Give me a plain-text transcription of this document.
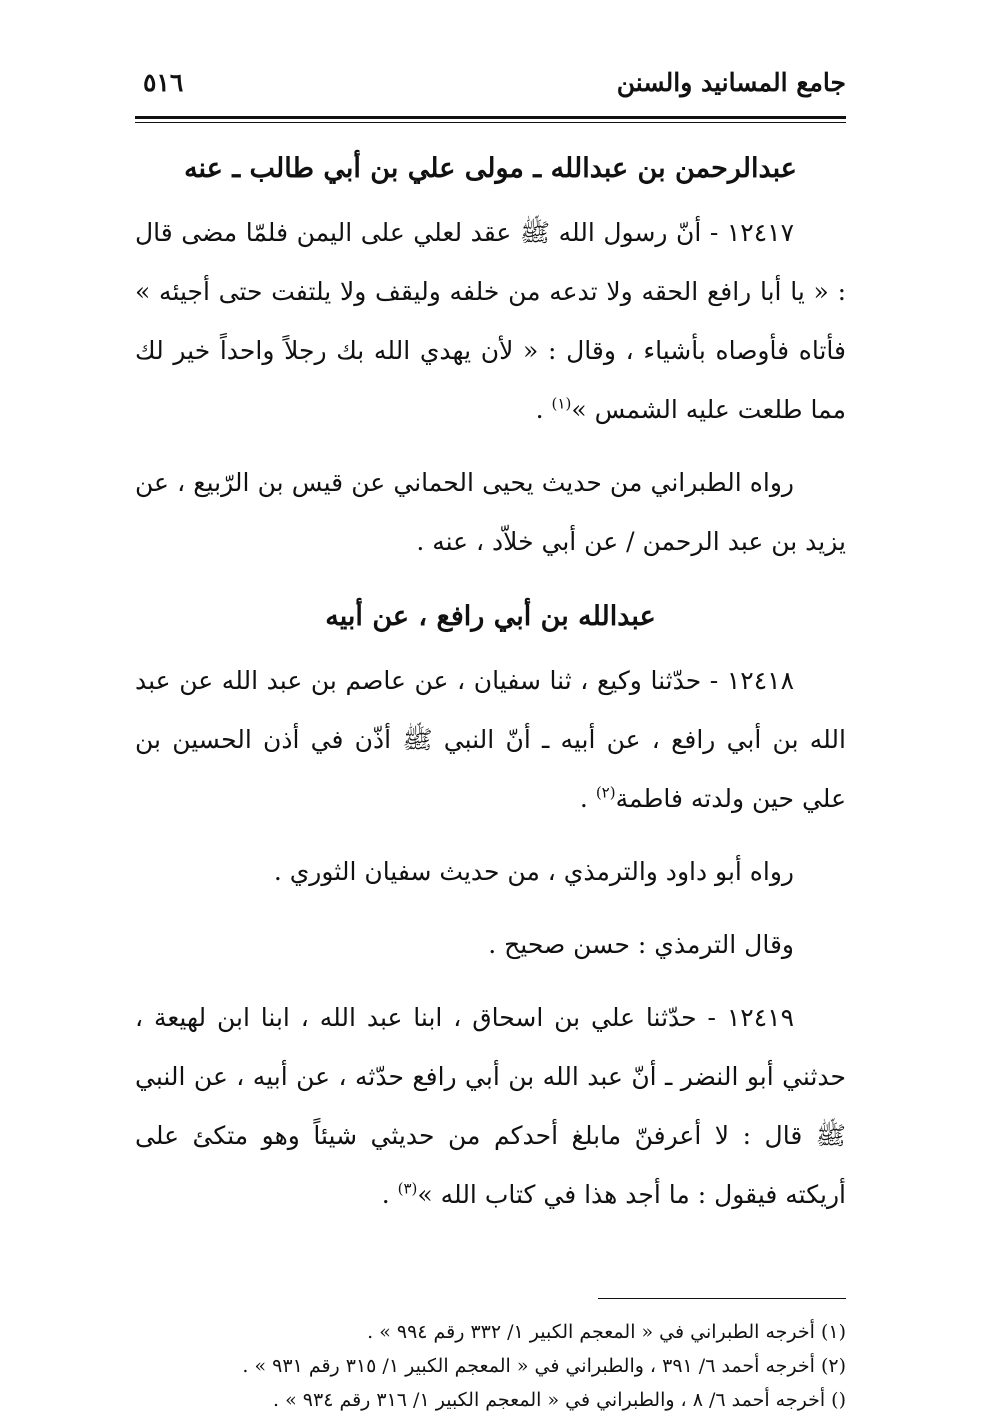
٥١٦	جامع المسانيد والسنن
عبدالرحمن بن عبدالله ـ مولى علي بن أبي طالب ـ عنه

١٢٤١٧ - أنّ رسول الله ﷺ عقد لعلي على اليمن فلمّا مضى قال : « يا أبا رافع الحقه ولا تدعه من خلفه وليقف ولا يلتفت حتى أجيئه » فأتاه فأوصاه بأشياء ، وقال : « لأن يهدي الله بك رجلاً واحداً خير لك مما طلعت عليه الشمس »$^{(١)}$ .

رواه الطبراني من حديث يحيى الحماني عن قيس بن الرّبيع ، عن يزيد بن عبد الرحمن / عن أبي خلاّد ، عنه .

عبدالله بن أبي رافع ، عن أبيه

١٢٤١٨ - حدّثنا وكيع ، ثنا سفيان ، عن عاصم بن عبد الله عن عبد الله بن أبي رافع ، عن أبيه ـ أنّ النبي ﷺ أذّن في أذن الحسين بن علي حين ولدته فاطمة$^{(٢)}$ .

رواه أبو داود والترمذي ، من حديث سفيان الثوري .

وقال الترمذي : حسن صحيح .

١٢٤١٩ - حدّثنا علي بن اسحاق ، ابنا عبد الله ، ابنا ابن لهيعة ، حدثني أبو النضر ـ أنّ عبد الله بن أبي رافع حدّثه ، عن أبيه ، عن النبي ﷺ قال : لا أعرفنّ مابلغ أحدكم من حديثي شيئاً وهو متكئ على أريكته فيقول : ما أجد هذا في كتاب الله »$^{(٣)}$ .

(١) أخرجه الطبراني في « المعجم الكبير ١/ ٣٣٢ رقم ٩٩٤ » .

(٢) أخرجه أحمد ٦/ ٣٩١ ، والطبراني في « المعجم الكبير ١/ ٣١٥ رقم ٩٣١ » .

() أخرجه أحمد ٦/ ٨ ، والطبراني في « المعجم الكبير ١/ ٣١٦ رقم ٩٣٤ » .
